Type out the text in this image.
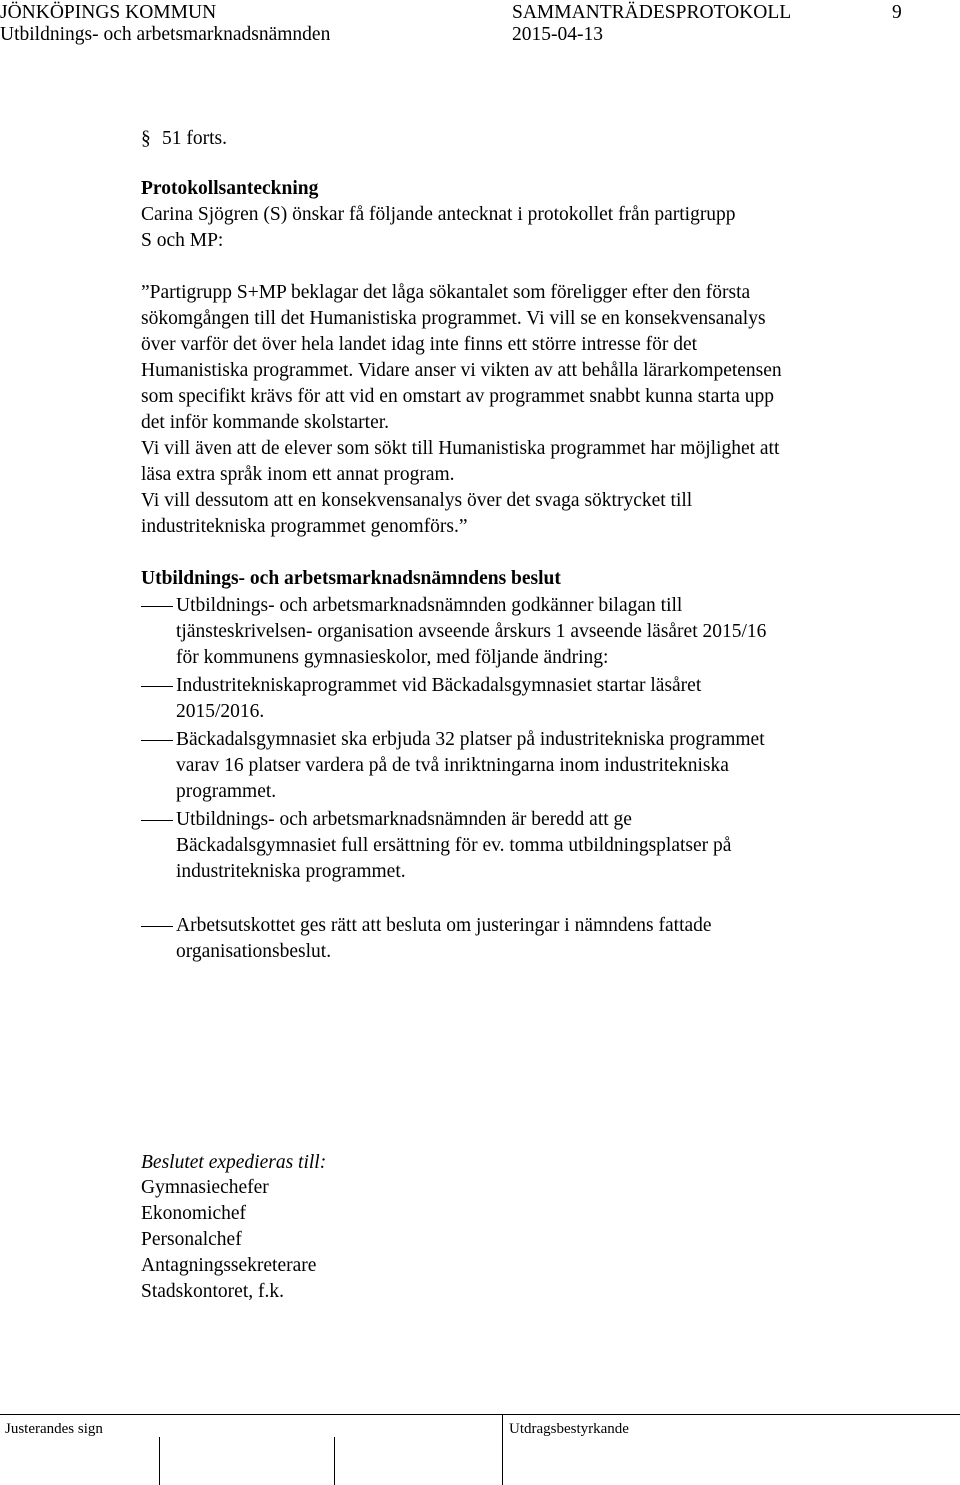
JÖNKÖPINGS KOMMUN	SAMMANTRÄDESPROTOKOLL	9
Utbildnings- och arbetsmarknadsnämnden	2015-04-13
§ 51 forts.
Protokollsanteckning
Carina Sjögren (S) önskar få följande antecknat i protokollet från partigrupp
S och MP:
”Partigrupp S+MP beklagar det låga sökantalet som föreligger efter den första
sökomgången till det Humanistiska programmet. Vi vill se en konsekvensanalys
över varför det över hela landet idag inte finns ett större intresse för det
Humanistiska programmet. Vidare anser vi vikten av att behålla lärarkompetensen
som specifikt krävs för att vid en omstart av programmet snabbt kunna starta upp
det inför kommande skolstarter.
Vi vill även att de elever som sökt till Humanistiska programmet har möjlighet att
läsa extra språk inom ett annat program.
Vi vill dessutom att en konsekvensanalys över det svaga söktrycket till
industritekniska programmet genomförs.”
Utbildnings- och arbetsmarknadsnämndens beslut
Utbildnings- och arbetsmarknadsnämnden godkänner bilagan till
tjänsteskrivelsen- organisation avseende årskurs 1 avseende läsåret 2015/16
för kommunens gymnasieskolor, med följande ändring:
Industritekniskaprogrammet vid Bäckadalsgymnasiet startar läsåret
2015/2016.
Bäckadalsgymnasiet ska erbjuda 32 platser på industritekniska programmet
varav 16 platser vardera på de två inriktningarna inom industritekniska
programmet.
Utbildnings- och arbetsmarknadsnämnden är beredd att ge
Bäckadalsgymnasiet full ersättning för ev. tomma utbildningsplatser på
industritekniska programmet.
Arbetsutskottet ges rätt att besluta om justeringar i nämndens fattade
organisationsbeslut.
Beslutet expedieras till:
Gymnasiechefer
Ekonomichef
Personalchef
Antagningssekreterare
Stadskontoret, f.k.
Justerandes sign	Utdragsbestyrkande
